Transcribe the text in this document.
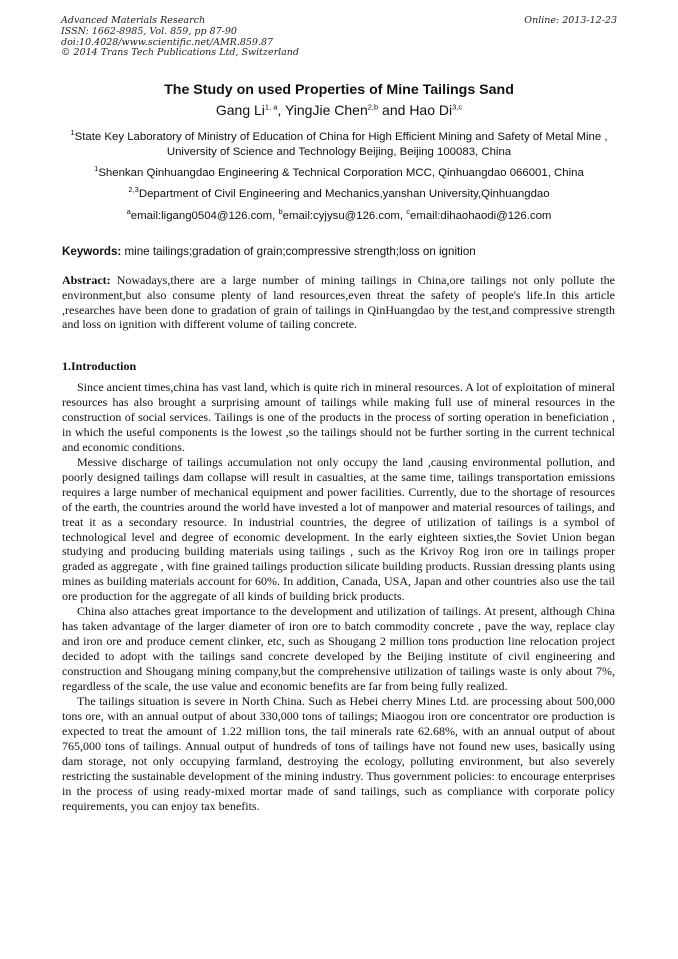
Advanced Materials Research
ISSN: 1662-8985, Vol. 859, pp 87-90
doi:10.4028/www.scientific.net/AMR.859.87
© 2014 Trans Tech Publications Ltd, Switzerland
Online: 2013-12-23
The Study on used Properties of Mine Tailings Sand
Gang Li$^{1, a}$, YingJie Chen$^{2,b}$ and Hao Di$^{3,c}$
$^1$State Key Laboratory of Ministry of Education of China for High Efficient Mining and Safety of Metal Mine , University of Science and Technology Beijing, Beijing 100083, China
$^1$Shenkan Qinhuangdao Engineering & Technical Corporation MCC, Qinhuangdao 066001, China
$^{2,3}$Department of Civil Engineering and Mechanics,yanshan University,Qinhuangdao
$^a$email:ligang0504@126.com, $^b$email:cyjysu@126.com, $^c$email:dihaohaodi@126.com
Keywords: mine tailings;gradation of grain;compressive strength;loss on ignition
Abstract: Nowadays,there are a large number of mining tailings in China,ore tailings not only pollute the environment,but also consume plenty of land resources,even threat the safety of people's life.In this article ,researches have been done to gradation of grain of tailings in QinHuangdao by the test,and compressive strength and loss on ignition with different volume of tailing concrete.
1.Introduction

Since ancient times,china has vast land, which is quite rich in mineral resources. A lot of exploitation of mineral resources has also brought a surprising amount of tailings while making full use of mineral resources in the construction of social services. Tailings is one of the products in the process of sorting operation in beneficiation , in which the useful components is the lowest ,so the tailings should not be further sorting in the current technical and economic conditions.

Messive discharge of tailings accumulation not only occupy the land ,causing environmental pollution, and poorly designed tailings dam collapse will result in casualties, at the same time, tailings transportation emissions requires a large number of mechanical equipment and power facilities. Currently, due to the shortage of resources of the earth, the countries around the world have invested a lot of manpower and material resources of tailings, and treat it as a secondary resource. In industrial countries, the degree of utilization of tailings is a symbol of technological level and degree of economic development. In the early eighteen sixties,the Soviet Union began studying and producing building materials using tailings , such as the Krivoy Rog iron ore in tailings proper graded as aggregate , with fine grained tailings production silicate building products. Russian dressing plants using mines as building materials account for 60%. In addition, Canada, USA, Japan and other countries also use the tail ore production for the aggregate of all kinds of building brick products.

China also attaches great importance to the development and utilization of tailings. At present, although China has taken advantage of the larger diameter of iron ore to batch commodity concrete , pave the way, replace clay and iron ore and produce cement clinker, etc, such as Shougang 2 million tons production line relocation project decided to adopt with the tailings sand concrete developed by the Beijing institute of civil engineering and construction and Shougang mining company,but the comprehensive utilization of tailings waste is only about 7%, regardless of the scale, the use value and economic benefits are far from being fully realized.

The tailings situation is severe in North China. Such as Hebei cherry Mines Ltd. are processing about 500,000 tons ore, with an annual output of about 330,000 tons of tailings; Miaogou iron ore concentrator ore production is expected to treat the amount of 1.22 million tons, the tail minerals rate 62.68%, with an annual output of about 765,000 tons of tailings. Annual output of hundreds of tons of tailings have not found new uses, basically using dam storage, not only occupying farmland, destroying the ecology, polluting environment, but also severely restricting the sustainable development of the mining industry. Thus government policies: to encourage enterprises in the process of using ready-mixed mortar made of sand tailings, such as compliance with corporate policy requirements, you can enjoy tax benefits.
